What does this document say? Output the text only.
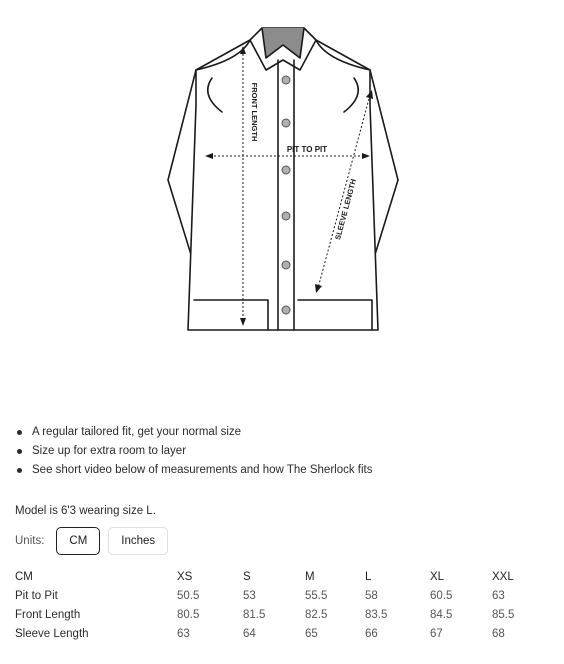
FRONT LENGTH
PIT TO PIT
SLEEVE LENGTH
A regular tailored fit, get your normal size
Size up for extra room to layer
See short video below of measurements and how The Sherlock fits
Model is 6'3 wearing size L.
Units:	CM	Inches
CM	XS	S	M	L	XL	XXL
Pit to Pit	50.5	53	55.5	58	60.5	63
Front Length	80.5	81.5	82.5	83.5	84.5	85.5
Sleeve Length	63	64	65	66	67	68
